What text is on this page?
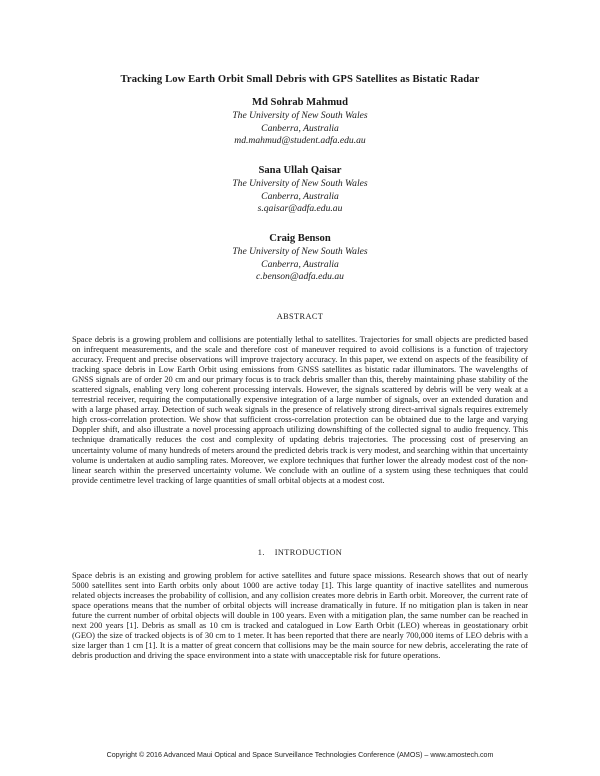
Tracking Low Earth Orbit Small Debris with GPS Satellites as Bistatic Radar
Md Sohrab Mahmud
The University of New South Wales
Canberra, Australia
md.mahmud@student.adfa.edu.au
Sana Ullah Qaisar
The University of New South Wales
Canberra, Australia
s.qaisar@adfa.edu.au
Craig Benson
The University of New South Wales
Canberra, Australia
c.benson@adfa.edu.au
ABSTRACT

Space debris is a growing problem and collisions are potentially lethal to satellites. Trajectories for small objects are predicted based on infrequent measurements, and the scale and therefore cost of maneuver required to avoid collisions is a function of trajectory accuracy. Frequent and precise observations will improve trajectory accuracy. In this paper, we extend on aspects of the feasibility of tracking space debris in Low Earth Orbit using emissions from GNSS satellites as bistatic radar illuminators. The wavelengths of GNSS signals are of order 20 cm and our primary focus is to track debris smaller than this, thereby maintaining phase stability of the scattered signals, enabling very long coherent processing intervals. However, the signals scattered by debris will be very weak at a terrestrial receiver, requiring the computationally expensive integration of a large number of signals, over an extended duration and with a large phased array. Detection of such weak signals in the presence of relatively strong direct-arrival signals requires extremely high cross-correlation protection. We show that sufficient cross-correlation protection can be obtained due to the large and varying Doppler shift, and also illustrate a novel processing approach utilizing downshifting of the collected signal to audio frequency. This technique dramatically reduces the cost and complexity of updating debris trajectories. The processing cost of preserving an uncertainty volume of many hundreds of meters around the predicted debris track is very modest, and searching within that uncertainty volume is undertaken at audio sampling rates. Moreover, we explore techniques that further lower the already modest cost of the non-linear search within the preserved uncertainty volume. We conclude with an outline of a system using these techniques that could provide centimetre level tracking of large quantities of small orbital objects at a modest cost.

1.    INTRODUCTION

Space debris is an existing and growing problem for active satellites and future space missions. Research shows that out of nearly 5000 satellites sent into Earth orbits only about 1000 are active today [1]. This large quantity of inactive satellites and numerous related objects increases the probability of collision, and any collision creates more debris in Earth orbit. Moreover, the current rate of space operations means that the number of orbital objects will increase dramatically in future. If no mitigation plan is taken in near future the current number of orbital objects will double in 100 years. Even with a mitigation plan, the same number can be reached in next 200 years [1]. Debris as small as 10 cm is tracked and catalogued in Low Earth Orbit (LEO) whereas in geostationary orbit (GEO) the size of tracked objects is of 30 cm to 1 meter. It has been reported that there are nearly 700,000 items of LEO debris with a size larger than 1 cm [1]. It is a matter of great concern that collisions may be the main source for new debris, accelerating the rate of debris production and driving the space environment into a state with unacceptable risk for future operations.

Copyright © 2016 Advanced Maui Optical and Space Surveillance Technologies Conference (AMOS) – www.amostech.com
